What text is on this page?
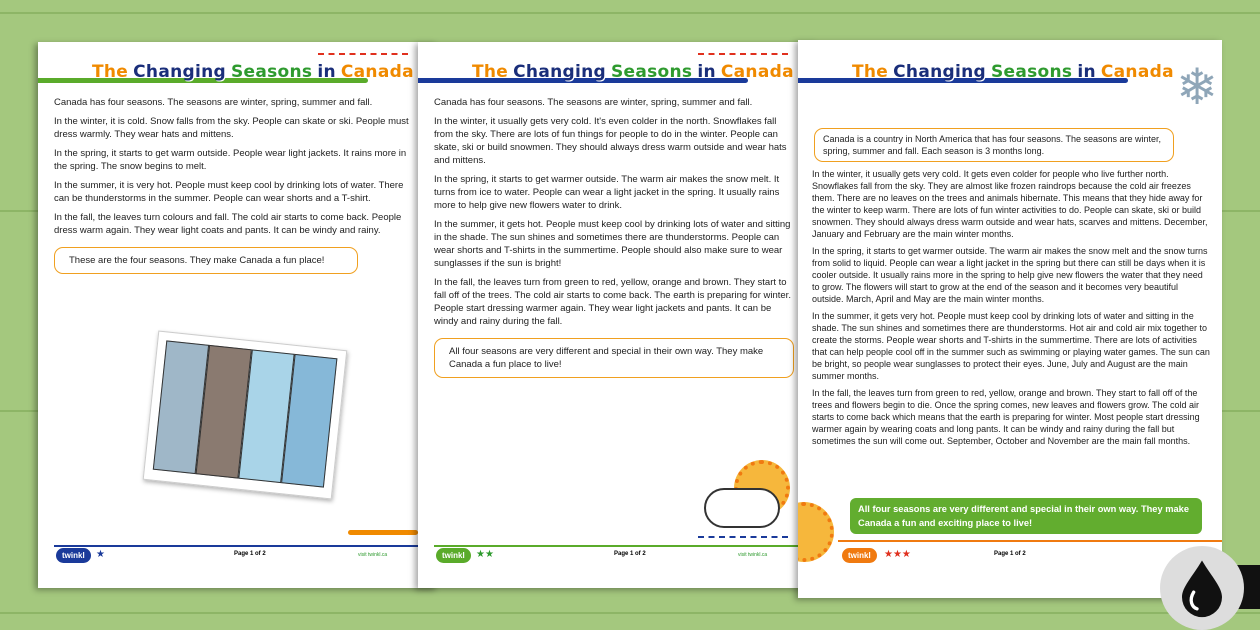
The Changing Seasons in Canada

Canada has four seasons. The seasons are winter, spring, summer and fall.

In the winter, it is cold. Snow falls from the sky. People can skate or ski. People must dress warmly. They wear hats and mittens.

In the spring, it starts to get warm outside. People wear light jackets. It rains more in the spring. The snow begins to melt.

In the summer, it is very hot. People must keep cool by drinking lots of water. There can be thunderstorms in the summer. People can wear shorts and a T-shirt.

In the fall, the leaves turn colours and fall. The cold air starts to come back. People dress warm again. They wear light coats and pants. It can be windy and rainy.

These are the four seasons. They make Canada a fun place!
twinkl	★	Page 1 of 2	visit twinkl.ca
The Changing Seasons in Canada

Canada has four seasons. The seasons are winter, spring, summer and fall.

In the winter, it usually gets very cold. It's even colder in the north. Snowflakes fall from the sky. There are lots of fun things for people to do in the winter. People can skate, ski or build snowmen. They should always dress warm outside and wear hats and mittens.

In the spring, it starts to get warmer outside. The warm air makes the snow melt. It turns from ice to water. People can wear a light jacket in the spring. It usually rains more to help give new flowers water to drink.

In the summer, it gets hot. People must keep cool by drinking lots of water and sitting in the shade. The sun shines and sometimes there are thunderstorms. People can wear shorts and T-shirts in the summertime. People should also make sure to wear sunglasses if the sun is bright!

In the fall, the leaves turn from green to red, yellow, orange and brown. They start to fall off of the trees. The cold air starts to come back. The earth is preparing for winter. People start dressing warmer again. They wear light jackets and pants. It can be windy and rainy during the fall.

All four seasons are very different and special in their own way. They make Canada a fun place to live!
twinkl	★★	Page 1 of 2	visit twinkl.ca
The Changing Seasons in Canada ❄
Canada is a country in North America that has four seasons. The seasons are winter, spring, summer and fall. Each season is 3 months long.

In the winter, it usually gets very cold. It gets even colder for people who live further north. Snowflakes fall from the sky. They are almost like frozen raindrops because the cold air freezes them. There are no leaves on the trees and animals hibernate. This means that they hide away for the winter to keep warm. There are lots of fun winter activities to do. People can skate, ski or build snowmen. They should always dress warm outside and wear hats, scarves and mittens. December, January and February are the main winter months.

In the spring, it starts to get warmer outside. The warm air makes the snow melt and the snow turns from solid to liquid. People can wear a light jacket in the spring but there can still be days when it is cooler outside. It usually rains more in the spring to help give new flowers the water that they need to grow. The flowers will start to grow at the end of the season and it becomes very beautiful outside. March, April and May are the main winter months.

In the summer, it gets very hot. People must keep cool by drinking lots of water and sitting in the shade. The sun shines and sometimes there are thunderstorms. Hot air and cold air mix together to create the storms. People wear shorts and T-shirts in the summertime. There are lots of activities that can help people cool off in the summer such as swimming or playing water games. The sun can be bright, so people wear sunglasses to protect their eyes. June, July and August are the main summer months.

In the fall, the leaves turn from green to red, yellow, orange and brown. They start to fall off of the trees and flowers begin to die. Once the spring comes, new leaves and flowers grow. The cold air starts to come back which means that the earth is preparing for winter. Most people start dressing warmer again by wearing coats and long pants. It can be windy and rainy during the fall but sometimes the sun will come out. September, October and November are the main fall months.

All four seasons are very different and special in their own way. They make Canada a fun and exciting place to live!
twinkl	★★★	Page 1 of 2
